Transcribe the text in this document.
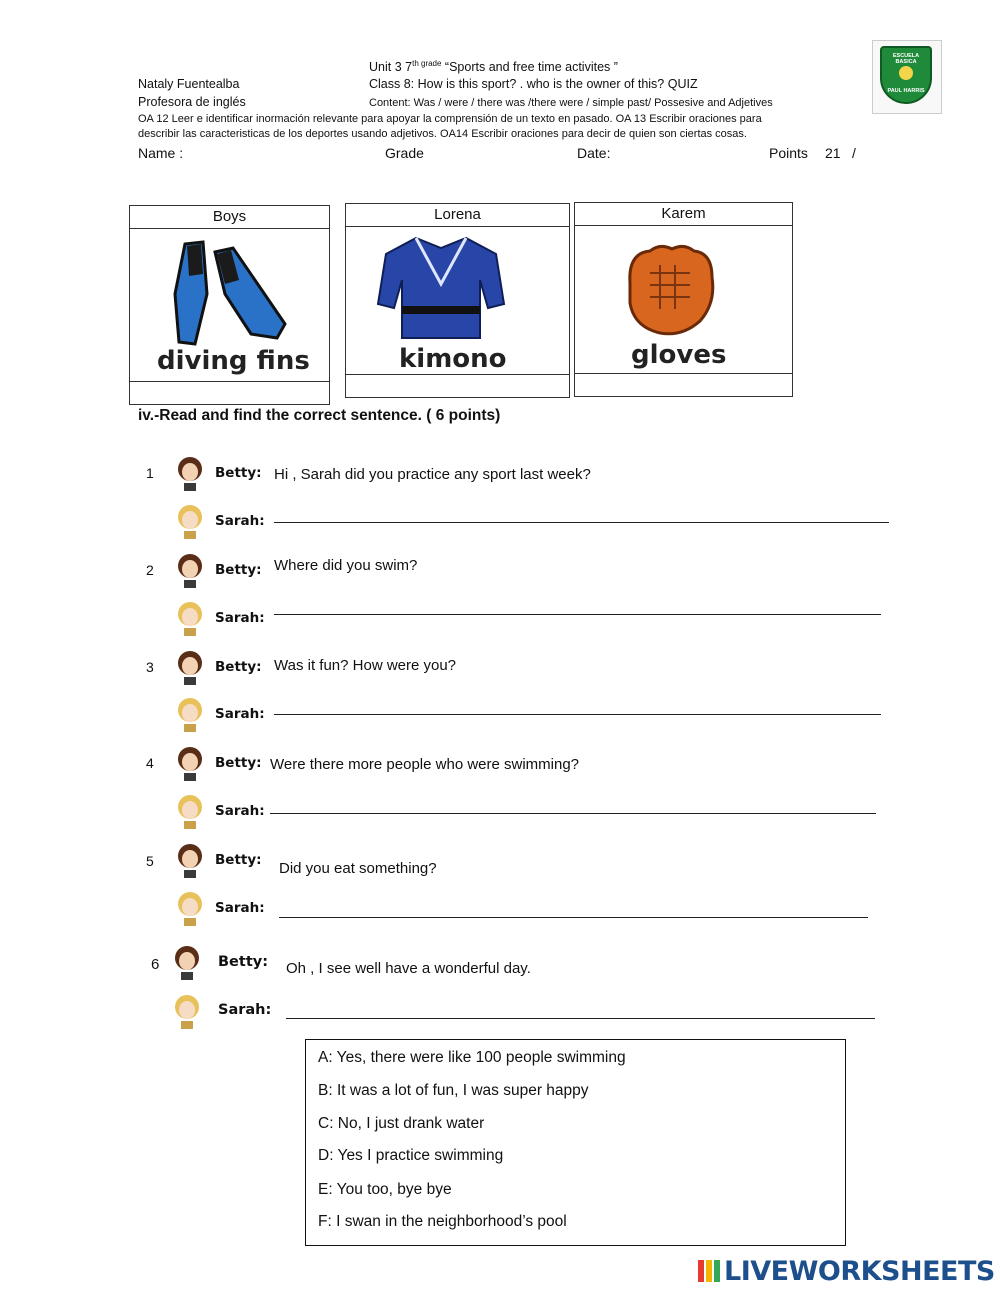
Unit 3 $7^{th grade}$ “Sports and free time activites ”
Nataly Fuentealba	Class 8: How is this sport? . who is the owner of this? QUIZ
Profesora de inglés	Content: Was / were / there was /there were / simple past/ Possesive and Adjetives
OA 12 Leer e identificar inormación relevante para apoyar la comprensión de un texto en pasado. OA 13 Escribir oraciones para
describir las caracteristicas de los deportes usando adjetivos. OA14 Escribir oraciones para decir de quien son ciertas cosas.
Name :	Grade	Date:	Points 21 /
ESCUELA BASICA
PAUL HARRIS
Boys
diving fins
Lorena
kimono
Karem
gloves
iv.-Read and find the correct sentence. ( 6 points)
1	Betty: Hi , Sarah did you practice any sport last week?
Sarah:
2	Betty: Where did you swim?
Sarah:
3	Betty: Was it fun? How were you?
Sarah:
4	Betty: Were there more people who were swimming?
Sarah:
5	Betty: Did you eat something?
Sarah:
6	Betty: Oh , I see well have a wonderful day.
Sarah:
A: Yes, there were like 100 people swimming
B: It was a lot of fun, I was super happy
C: No, I just drank water
D: Yes I practice swimming
E: You too, bye bye
F: I swan in the neighborhood’s pool
LIVEWORKSHEETS
